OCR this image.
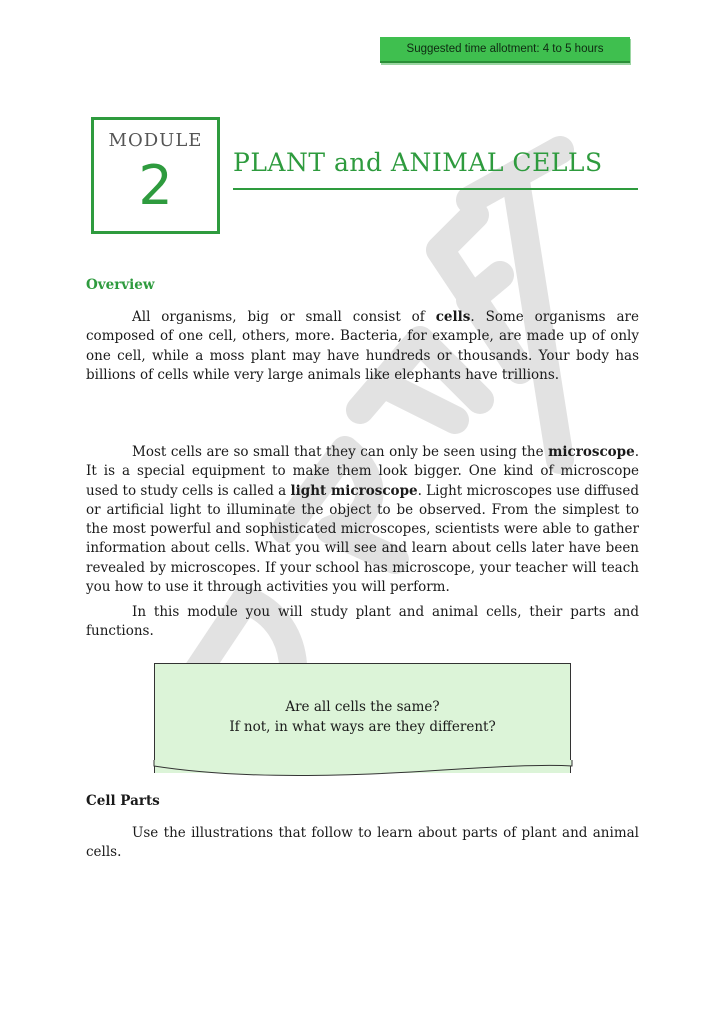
Suggested time allotment: 4 to 5 hours
MODULE
2	PLANT and ANIMAL CELLS
Overview

All organisms, big or small consist of cells. Some organisms are composed of one cell, others, more. Bacteria, for example, are made up of only one cell, while a moss plant may have hundreds or thousands. Your body has billions of cells while very large animals like elephants have trillions.

Most cells are so small that they can only be seen using the microscope. It is a special equipment to make them look bigger. One kind of microscope used to study cells is called a light microscope. Light microscopes use diffused or artificial light to illuminate the object to be observed. From the simplest to the most powerful and sophisticated microscopes, scientists were able to gather information about cells. What you will see and learn about cells later have been revealed by microscopes. If your school has microscope, your teacher will teach you how to use it through activities you will perform.

In this module you will study plant and animal cells, their parts and functions.

Are all cells the same?
If not, in what ways are they different?
Cell Parts

Use the illustrations that follow to learn about parts of plant and animal cells.
